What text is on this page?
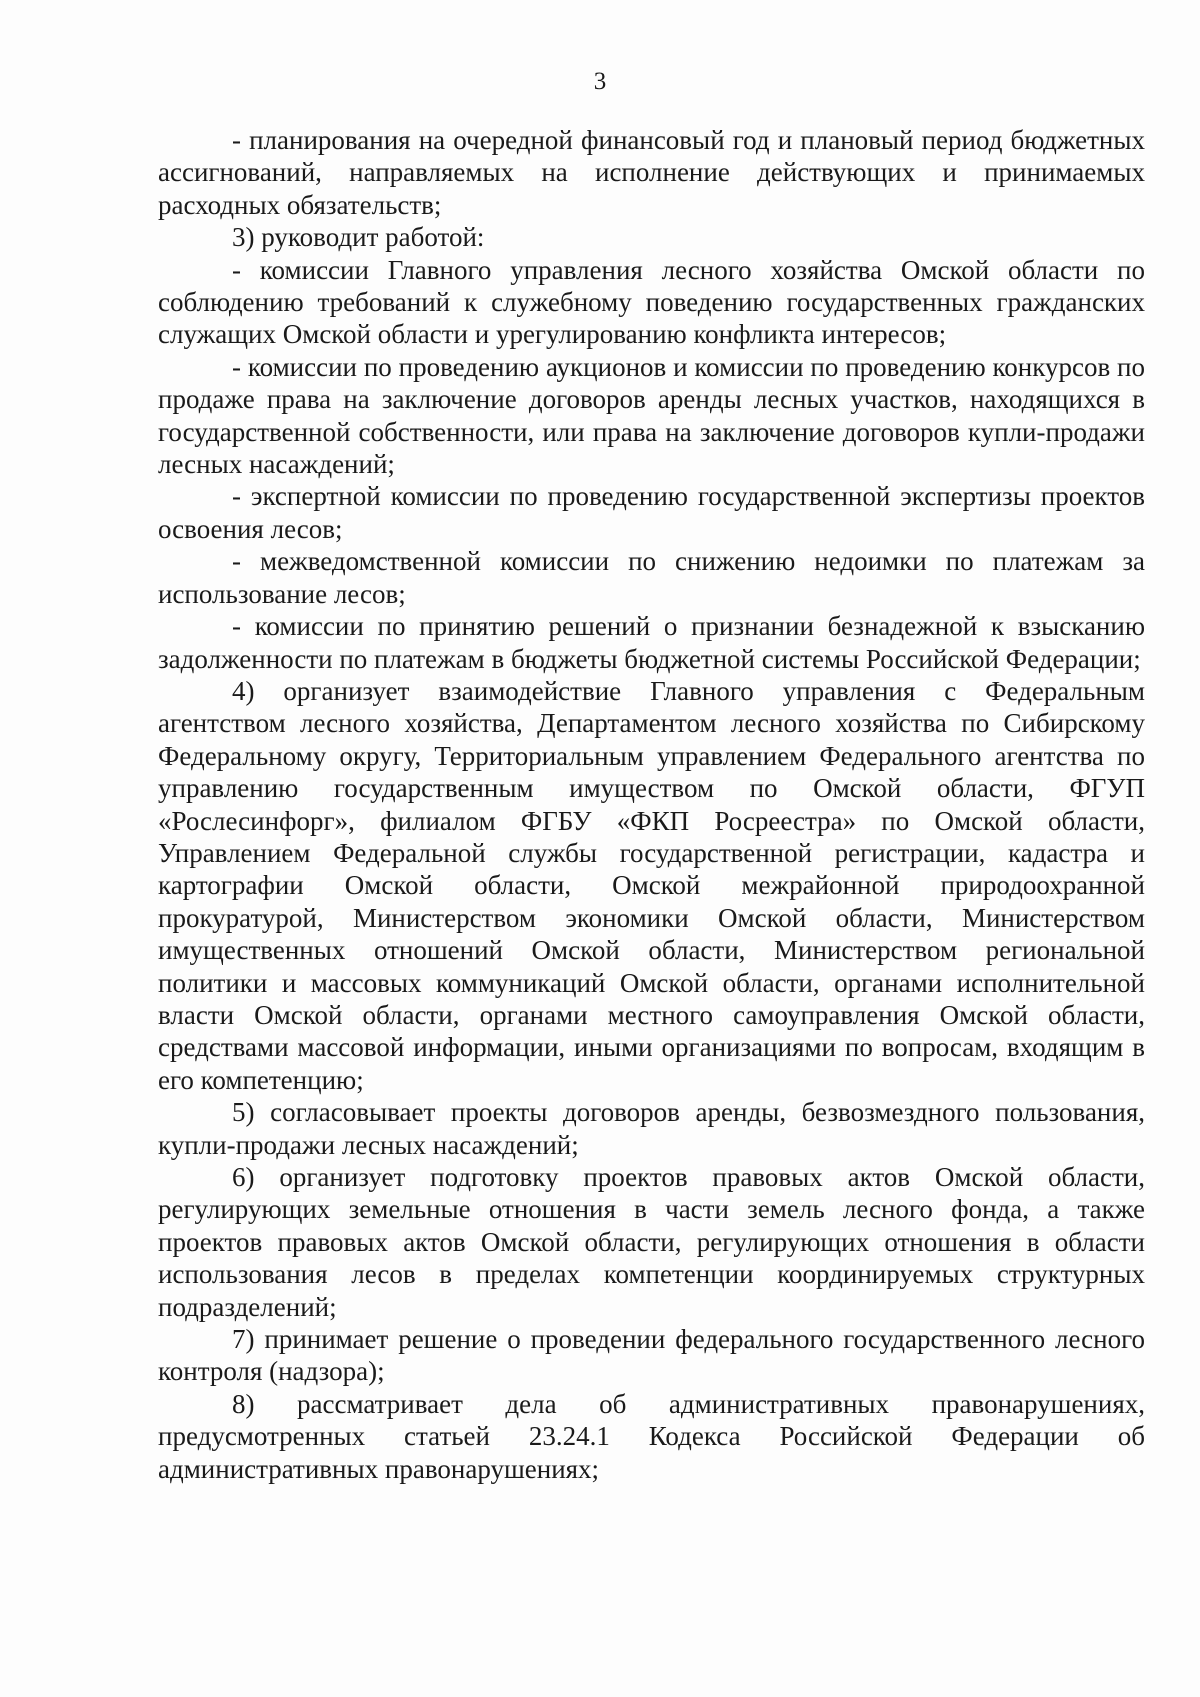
3

- планирования на очередной финансовый год и плановый период бюджетных ассигнований, направляемых на исполнение действующих и принимаемых расходных обязательств;

3) руководит работой:

- комиссии Главного управления лесного хозяйства Омской области по соблюдению требований к служебному поведению государственных гражданских служащих Омской области и урегулированию конфликта интересов;

- комиссии по проведению аукционов и комиссии по проведению конкурсов по продаже права на заключение договоров аренды лесных участков, находящихся в государственной собственности, или права на заключение договоров купли-продажи лесных насаждений;

- экспертной комиссии по проведению государственной экспертизы проектов освоения лесов;

- межведомственной комиссии по снижению недоимки по платежам за использование лесов;

- комиссии по принятию решений о признании безнадежной к взысканию задолженности по платежам в бюджеты бюджетной системы Российской Федерации;

4) организует взаимодействие Главного управления с Федеральным агентством лесного хозяйства, Департаментом лесного хозяйства по Сибирскому Федеральному округу, Территориальным управлением Федерального агентства по управлению государственным имуществом по Омской области, ФГУП «Рослесинфорг», филиалом ФГБУ «ФКП Росреестра» по Омской области, Управлением Федеральной службы государственной регистрации, кадастра и картографии Омской области, Омской межрайонной природоохранной прокуратурой, Министерством экономики Омской области, Министерством имущественных отношений Омской области, Министерством региональной политики и массовых коммуникаций Омской области, органами исполнительной власти Омской области, органами местного самоуправления Омской области, средствами массовой информации, иными организациями по вопросам, входящим в его компетенцию;

5) согласовывает проекты договоров аренды, безвозмездного пользования, купли-продажи лесных насаждений;

6) организует подготовку проектов правовых актов Омской области, регулирующих земельные отношения в части земель лесного фонда, а также проектов правовых актов Омской области, регулирующих отношения в области использования лесов в пределах компетенции координируемых структурных подразделений;

7) принимает решение о проведении федерального государственного лесного контроля (надзора);

8) рассматривает дела об административных правонарушениях, предусмотренных статьей 23.24.1 Кодекса Российской Федерации об административных правонарушениях;
